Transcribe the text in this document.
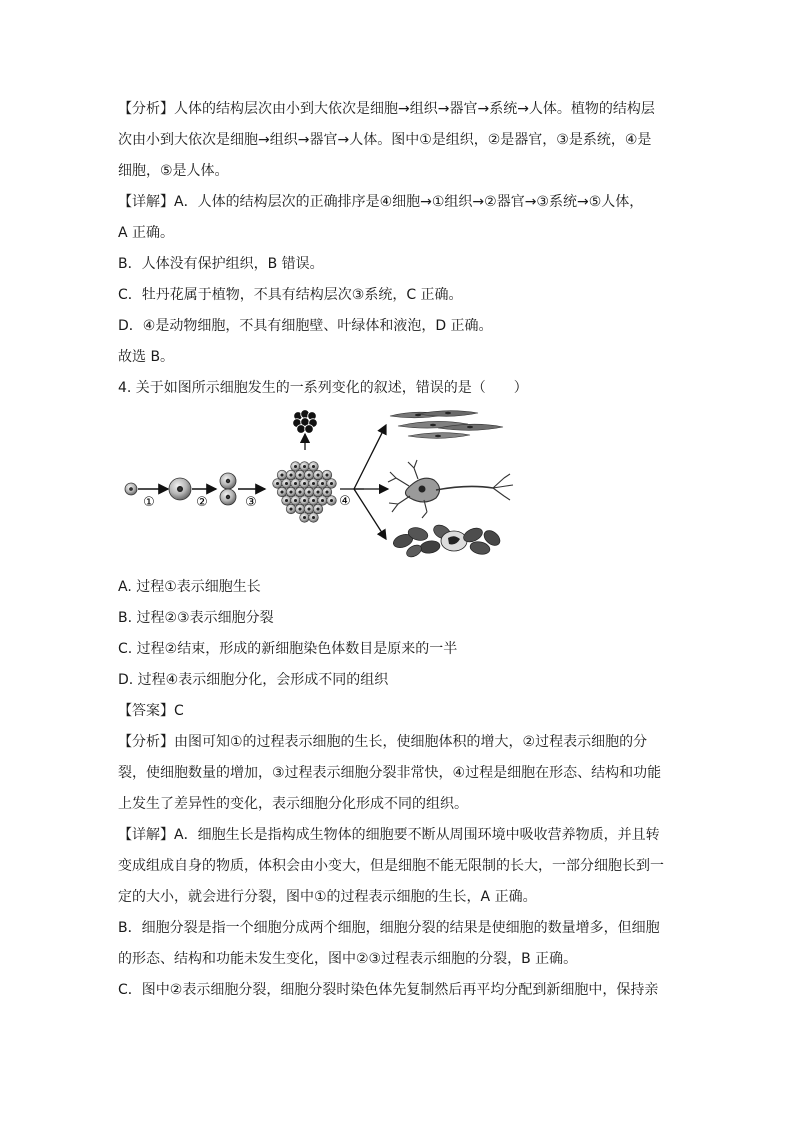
【分析】人体的结构层次由小到大依次是细胞→组织→器官→系统→人体。植物的结构层
次由小到大依次是细胞→组织→器官→人体。图中①是组织，②是器官，③是系统，④是
细胞，⑤是人体。
【详解】A．人体的结构层次的正确排序是④细胞→①组织→②器官→③系统→⑤人体，
A 正确。
B．人体没有保护组织，B 错误。
C．牡丹花属于植物，不具有结构层次③系统，C 正确。
D．④是动物细胞，不具有细胞壁、叶绿体和液泡，D 正确。
故选 B。
4. 关于如图所示细胞发生的一系列变化的叙述，错误的是（　　）
①	②	③	④
A. 过程①表示细胞生长
B. 过程②③表示细胞分裂
C. 过程②结束，形成的新细胞染色体数目是原来的一半
D. 过程④表示细胞分化，会形成不同的组织
【答案】C
【分析】由图可知①的过程表示细胞的生长，使细胞体积的增大，②过程表示细胞的分
裂，使细胞数量的增加，③过程表示细胞分裂非常快，④过程是细胞在形态、结构和功能
上发生了差异性的变化，表示细胞分化形成不同的组织。
【详解】A．细胞生长是指构成生物体的细胞要不断从周围环境中吸收营养物质，并且转
变成组成自身的物质，体积会由小变大，但是细胞不能无限制的长大，一部分细胞长到一
定的大小，就会进行分裂，图中①的过程表示细胞的生长，A 正确。
B．细胞分裂是指一个细胞分成两个细胞，细胞分裂的结果是使细胞的数量增多，但细胞
的形态、结构和功能未发生变化，图中②③过程表示细胞的分裂，B 正确。
C．图中②表示细胞分裂，细胞分裂时染色体先复制然后再平均分配到新细胞中，保持亲
